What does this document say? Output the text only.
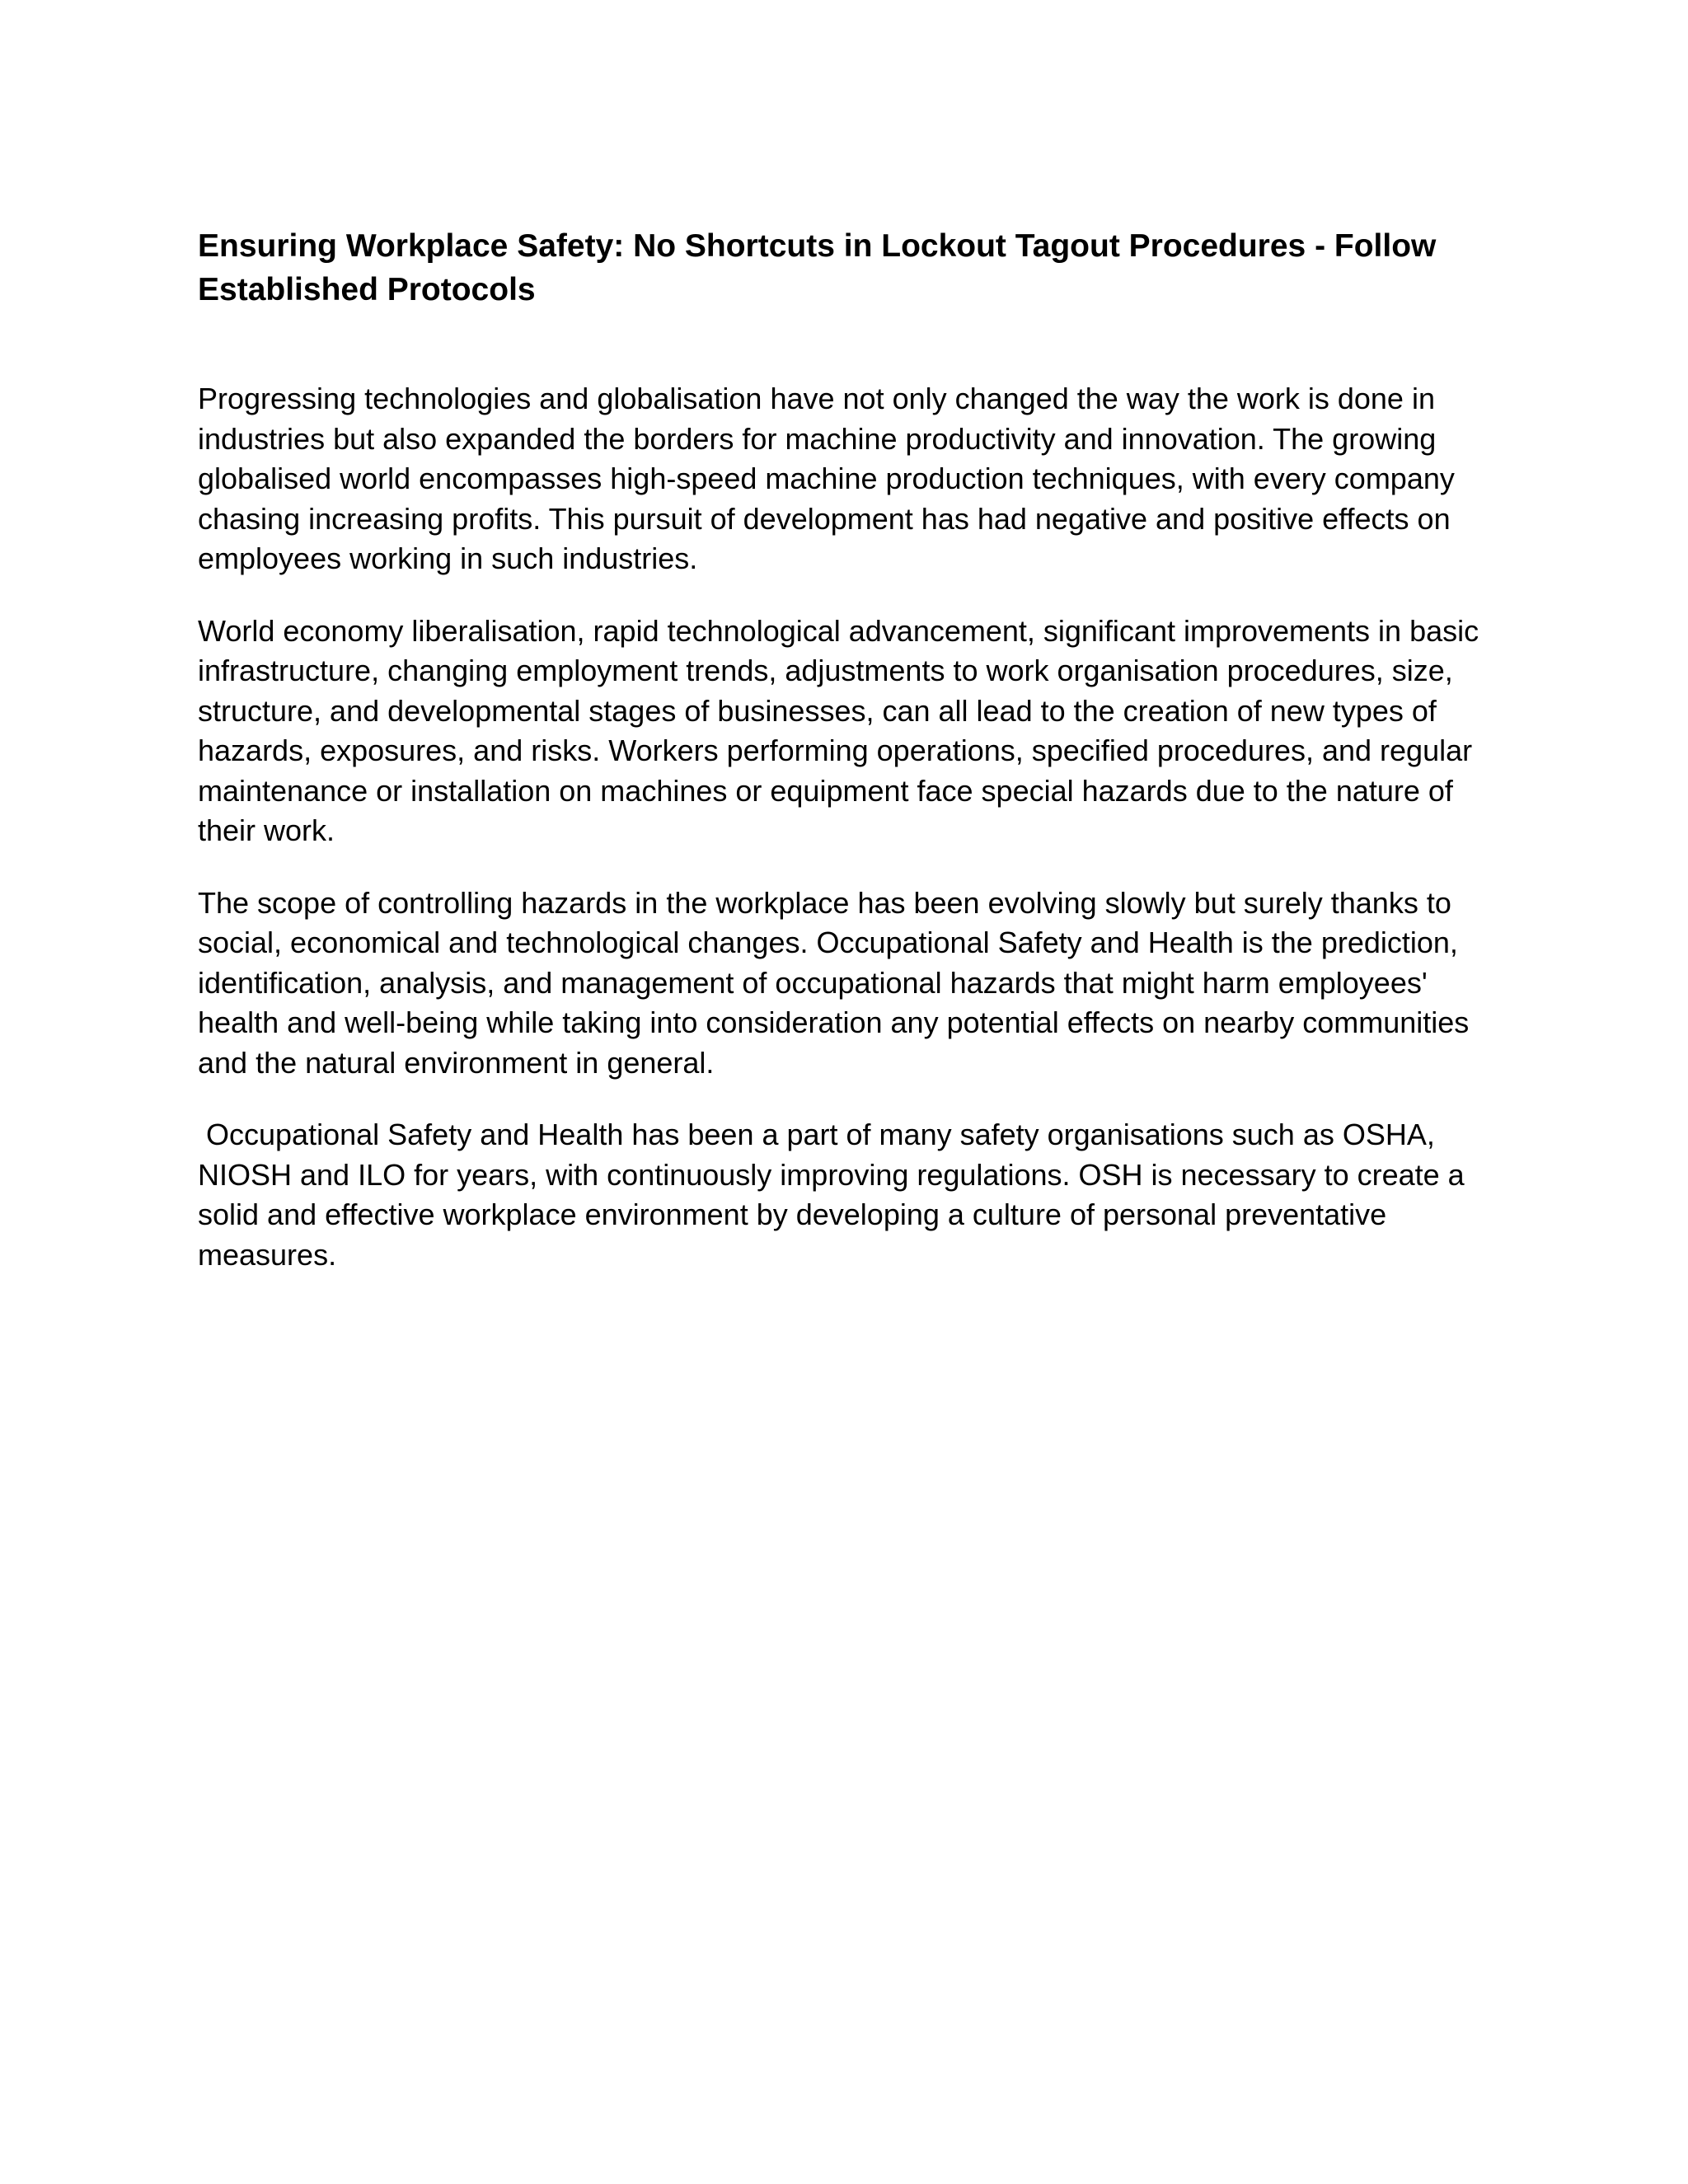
Ensuring Workplace Safety: No Shortcuts in Lockout Tagout Procedures - Follow Established Protocols

Progressing technologies and globalisation have not only changed the way the work is done in industries but also expanded the borders for machine productivity and innovation. The growing globalised world encompasses high-speed machine production techniques, with every company chasing increasing profits. This pursuit of development has had negative and positive effects on employees working in such industries.

World economy liberalisation, rapid technological advancement, significant improvements in basic infrastructure, changing employment trends, adjustments to work organisation procedures, size, structure, and developmental stages of businesses, can all lead to the creation of new types of hazards, exposures, and risks. Workers performing operations, specified procedures, and regular maintenance or installation on machines or equipment face special hazards due to the nature of their work.

The scope of controlling hazards in the workplace has been evolving slowly but surely thanks to social, economical and technological changes. Occupational Safety and Health is the prediction, identification, analysis, and management of occupational hazards that might harm employees' health and well-being while taking into consideration any potential effects on nearby communities and the natural environment in general.

Occupational Safety and Health has been a part of many safety organisations such as OSHA, NIOSH and ILO for years, with continuously improving regulations. OSH is necessary to create a solid and effective workplace environment by developing a culture of personal preventative measures.
